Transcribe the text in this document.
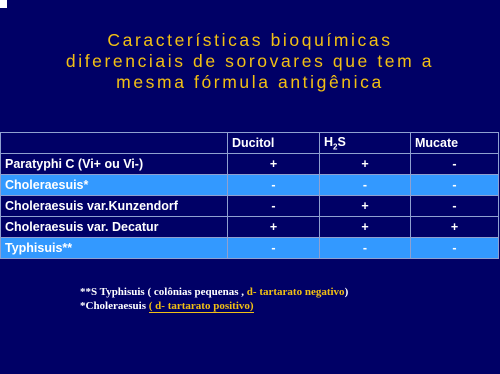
Características bioquímicas
diferenciais de sorovares que tem a
mesma fórmula antigênica
	Ducitol	$H_2S$	Mucate
Paratyphi C (Vi+ ou Vi-)	+	+	-
Choleraesuis*	-	-	-
Choleraesuis var.Kunzendorf	-	+	-
Choleraesuis var. Decatur	+	+	+
Typhisuis**	-	-	-
**S Typhisuis ( colônias pequenas , d- tartarato negativo)
*Choleraesuis ( d- tartarato positivo)
